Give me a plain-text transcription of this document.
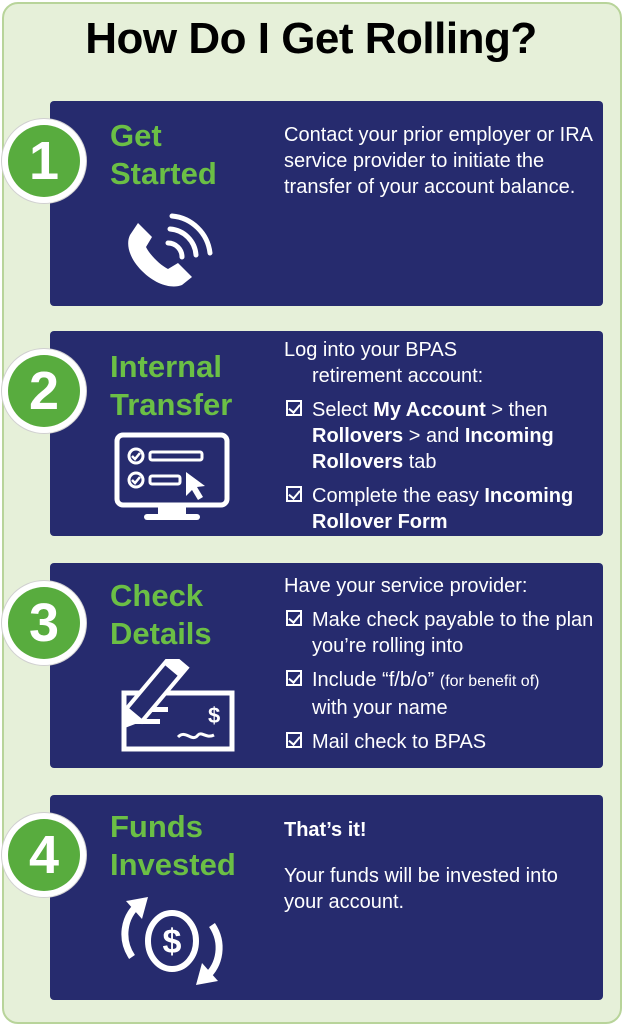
How Do I Get Rolling?
Get
Started
Contact your prior employer or IRA service provider to initiate the transfer of your account balance.
Internal
Transfer

Log into your BPAS

retirement account:

Select My Account > then Rollovers > and Incoming Rollovers tab
Complete the easy Incoming Rollover Form
Check
Details
$

Have your service provider:

Make check payable to the plan you’re rolling into
Include “f/b/o” (for benefit of)
with your name
Mail check to BPAS
Funds
Invested
$

That’s it!

Your funds will be invested into your account.

1
2
3
4
